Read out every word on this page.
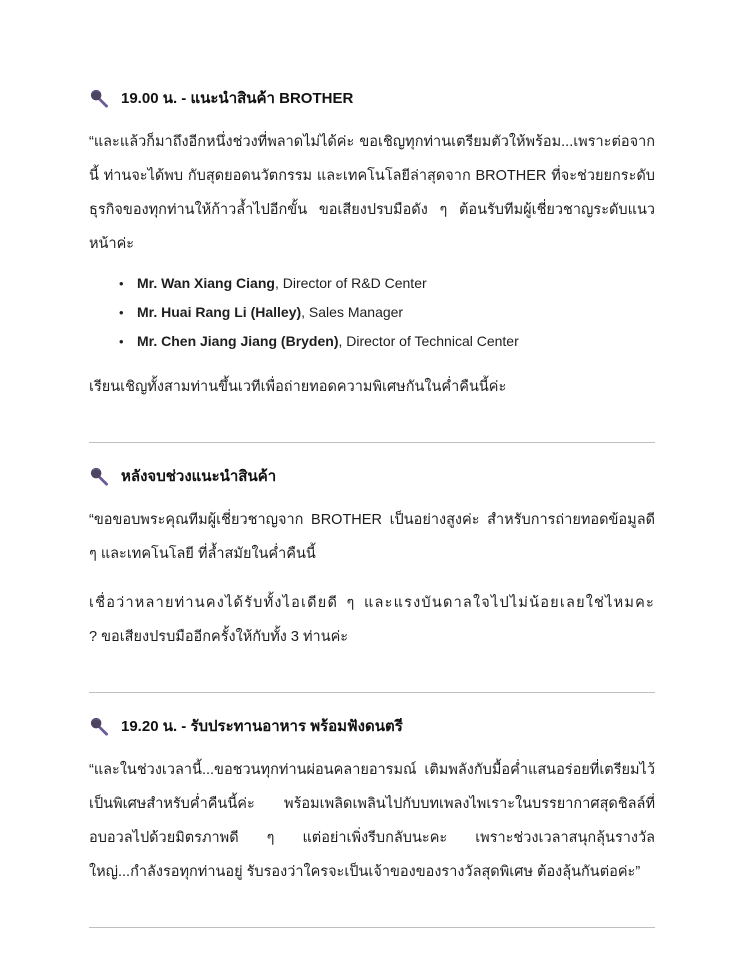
19.00 น. - แนะนำสินค้า BROTHER

“และแล้วก็มาถึงอีกหนึ่งช่วงที่พลาดไม่ได้ค่ะ ขอเชิญทุกท่านเตรียมตัวให้พร้อม...เพราะต่อจากนี้ ท่านจะได้พบ กับสุดยอดนวัตกรรม และเทคโนโลยีล่าสุดจาก BROTHER ที่จะช่วยยกระดับธุรกิจของทุกท่านให้ก้าวล้ำไปอีกขั้น ขอเสียงปรบมือดัง ๆ ต้อนรับทีมผู้เชี่ยวชาญระดับแนวหน้าค่ะ

• Mr. Wan Xiang Ciang, Director of R&D Center
• Mr. Huai Rang Li (Halley), Sales Manager
• Mr. Chen Jiang Jiang (Bryden), Director of Technical Center

เรียนเชิญทั้งสามท่านขึ้นเวทีเพื่อถ่ายทอดความพิเศษกันในค่ำคืนนี้ค่ะ

หลังจบช่วงแนะนำสินค้า

“ขอขอบพระคุณทีมผู้เชี่ยวชาญจาก BROTHER เป็นอย่างสูงค่ะ สำหรับการถ่ายทอดข้อมูลดี ๆ และเทคโนโลยี ที่ล้ำสมัยในค่ำคืนนี้

เชื่อว่าหลายท่านคงได้รับทั้งไอเดียดี ๆ และแรงบันดาลใจไปไม่น้อยเลยใช่ไหมคะ ? ขอเสียงปรบมืออีกครั้งให้กับทั้ง 3 ท่านค่ะ

19.20 น. - รับประทานอาหาร พร้อมฟังดนตรี

“และในช่วงเวลานี้...ขอชวนทุกท่านผ่อนคลายอารมณ์ เติมพลังกับมื้อค่ำแสนอร่อยที่เตรียมไว้เป็นพิเศษสำหรับค่ำคืนนี้ค่ะ พร้อมเพลิดเพลินไปกับบทเพลงไพเราะในบรรยากาศสุดชิลล์ที่อบอวลไปด้วยมิตรภาพดี ๆ แต่อย่าเพิ่งรีบกลับนะคะ เพราะช่วงเวลาสนุกลุ้นรางวัลใหญ่...กำลังรอทุกท่านอยู่ รับรองว่าใครจะเป็นเจ้าของของรางวัลสุดพิเศษ ต้องลุ้นกันต่อค่ะ”
